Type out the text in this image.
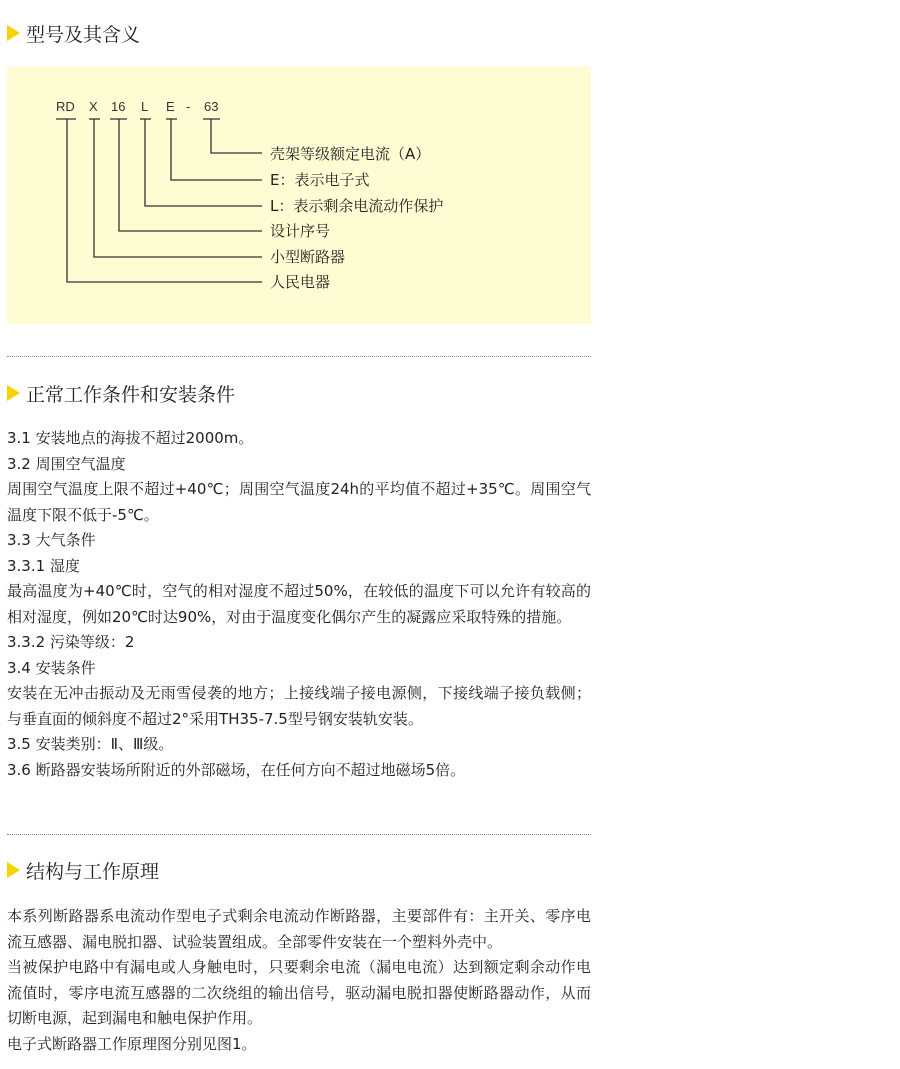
型号及其含义
RD X 16 L E - 63
壳架等级额定电流（A）
E：表示电子式
L：表示剩余电流动作保护
设计序号
小型断路器
人民电器
正常工作条件和安装条件

3.1 安装地点的海拔不超过2000m。

3.2 周围空气温度

周围空气温度上限不超过+40℃；周围空气温度24h的平均值不超过+35℃。周围空气温度下限不低于-5℃。

3.3 大气条件

3.3.1 湿度

最高温度为+40℃时，空气的相对湿度不超过50%，在较低的温度下可以允许有较高的相对湿度，例如20℃时达90%，对由于温度变化偶尔产生的凝露应采取特殊的措施。

3.3.2 污染等级：2

3.4 安装条件

安装在无冲击振动及无雨雪侵袭的地方；上接线端子接电源侧，下接线端子接负载侧；与垂直面的倾斜度不超过2°采用TH35-7.5型号钢安装轨安装。

3.5 安装类别：Ⅱ、Ⅲ级。

3.6 断路器安装场所附近的外部磁场，在任何方向不超过地磁场5倍。

结构与工作原理

本系列断路器系电流动作型电子式剩余电流动作断路器，主要部件有：主开关、零序电流互感器、漏电脱扣器、试验装置组成。全部零件安装在一个塑料外壳中。

当被保护电路中有漏电或人身触电时，只要剩余电流（漏电电流）达到额定剩余动作电流值时，零序电流互感器的二次绕组的输出信号，驱动漏电脱扣器使断路器动作，从而切断电源，起到漏电和触电保护作用。

电子式断路器工作原理图分别见图1。
